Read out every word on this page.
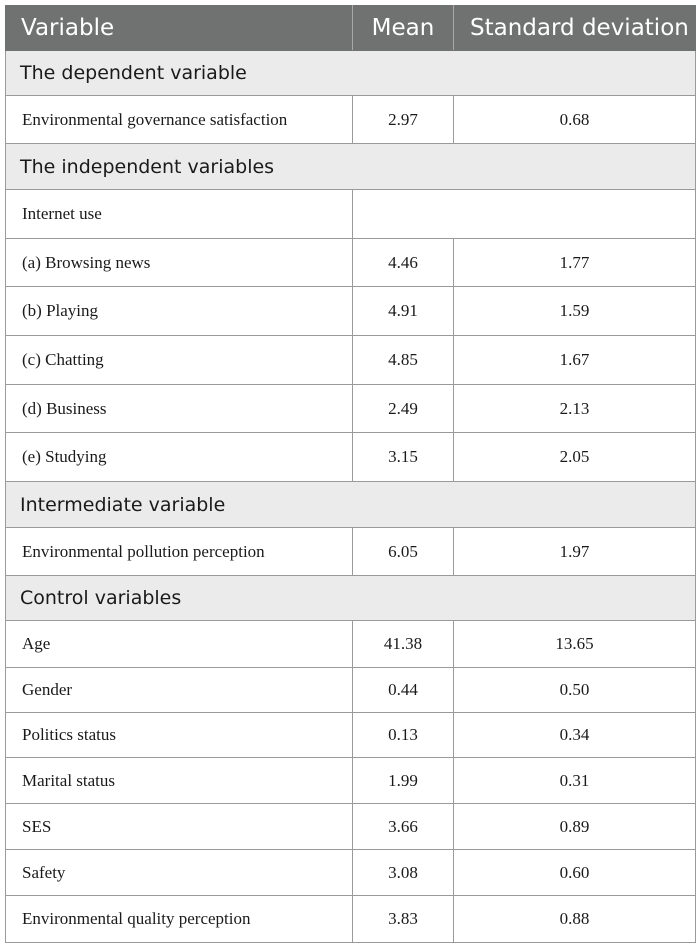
Variable	Mean	Standard deviation
The dependent variable		
Environmental governance satisfaction	2.97	0.68
The independent variables		
Internet use		
(a) Browsing news	4.46	1.77
(b) Playing	4.91	1.59
(c) Chatting	4.85	1.67
(d) Business	2.49	2.13
(e) Studying	3.15	2.05
Intermediate variable		
Environmental pollution perception	6.05	1.97
Control variables		
Age	41.38	13.65
Gender	0.44	0.50
Politics status	0.13	0.34
Marital status	1.99	0.31
SES	3.66	0.89
Safety	3.08	0.60
Environmental quality perception	3.83	0.88
